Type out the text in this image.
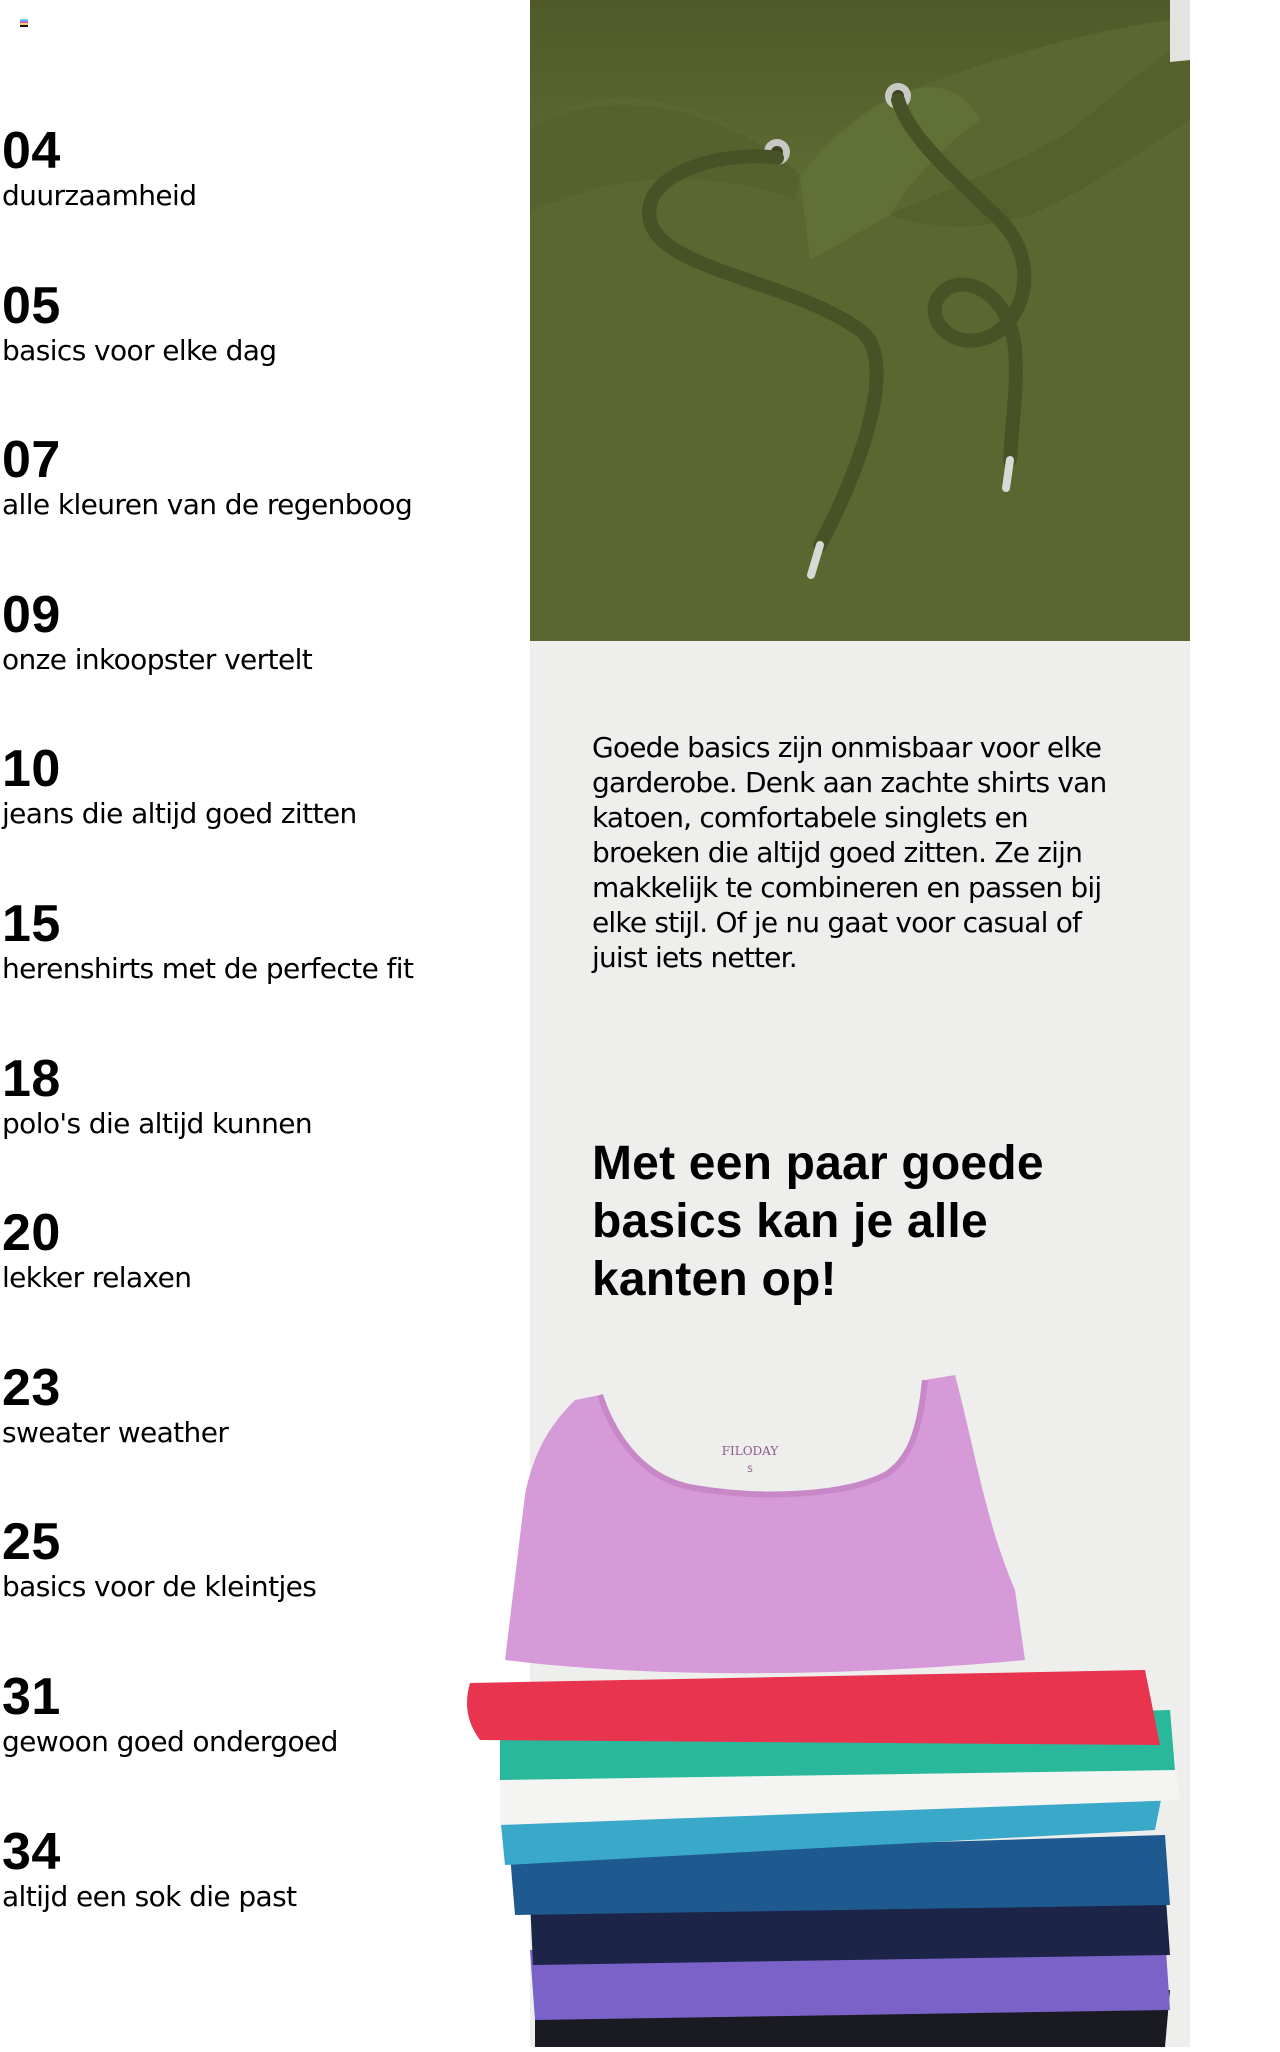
04
duurzaamheid
05
basics voor elke dag
07
alle kleuren van de regenboog
09
onze inkoopster vertelt
10
jeans die altijd goed zitten
15
herenshirts met de perfecte fit
18
polo's die altijd kunnen
20
lekker relaxen
23
sweater weather
25
basics voor de kleintjes
31
gewoon goed ondergoed
34
altijd een sok die past

Goede basics zijn onmisbaar voor elke garderobe. Denk aan zachte shirts van katoen, comfortabele singlets en broeken die altijd goed zitten. Ze zijn makkelijk te combineren en passen bij elke stijl. Of je nu gaat voor casual of juist iets netter.

Met een paar goede basics kan je alle kanten op!
FILODAY
S
